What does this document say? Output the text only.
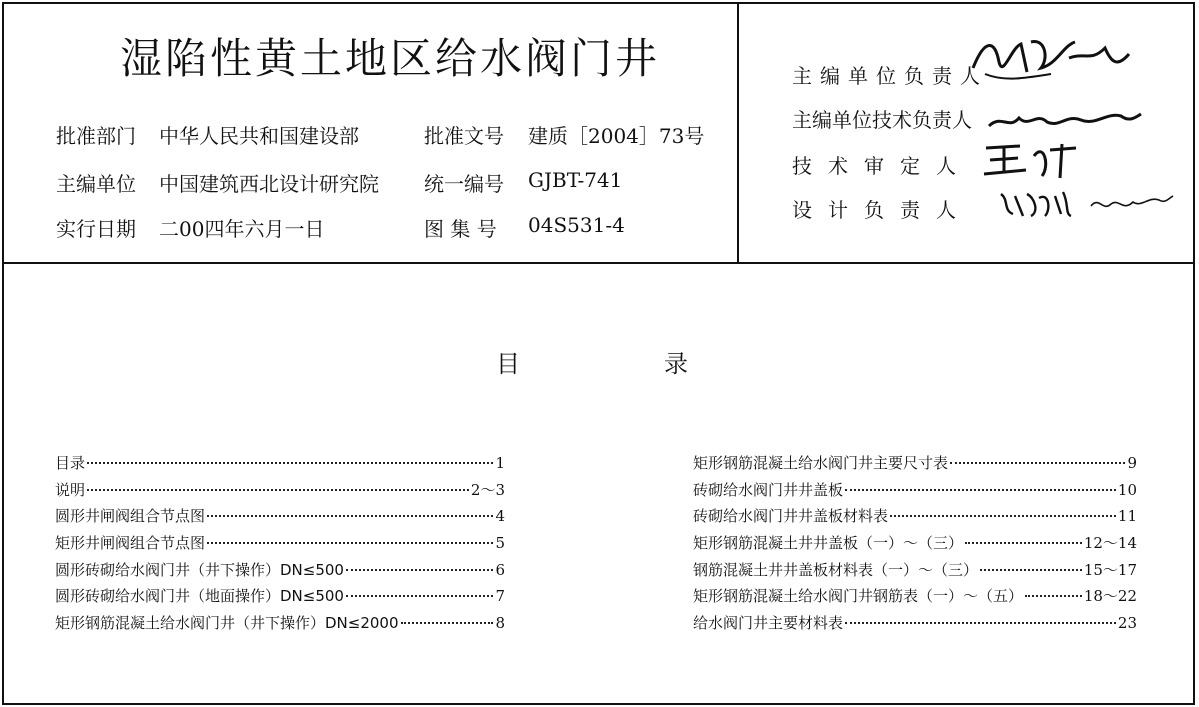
湿陷性黄土地区给水阀门井
批准部门 中华人民共和国建设部	批准文号 建质［2004］73号
主编单位 中国建筑西北设计研究院 统一编号 GJBT-741
实行日期 二00四年六月一日	图 集 号 04S531-4
主编单位负责人
主编单位技术负责人
技术审定人
设计负责人
目	录
目录	1
说明	2～3
圆形井闸阀组合节点图	4
矩形井闸阀组合节点图	5
圆形砖砌给水阀门井（井下操作）DN≤500	6
圆形砖砌给水阀门井（地面操作）DN≤500	7
矩形钢筋混凝土给水阀门井（井下操作）DN≤2000	8
矩形钢筋混凝土给水阀门井主要尺寸表	9
砖砌给水阀门井井盖板	10
砖砌给水阀门井井盖板材料表	11
矩形钢筋混凝土井井盖板（一）～（三）	12～14
钢筋混凝土井井盖板材料表（一）～（三）	15～17
矩形钢筋混凝土给水阀门井钢筋表（一）～（五）	18～22
给水阀门井主要材料表	23
